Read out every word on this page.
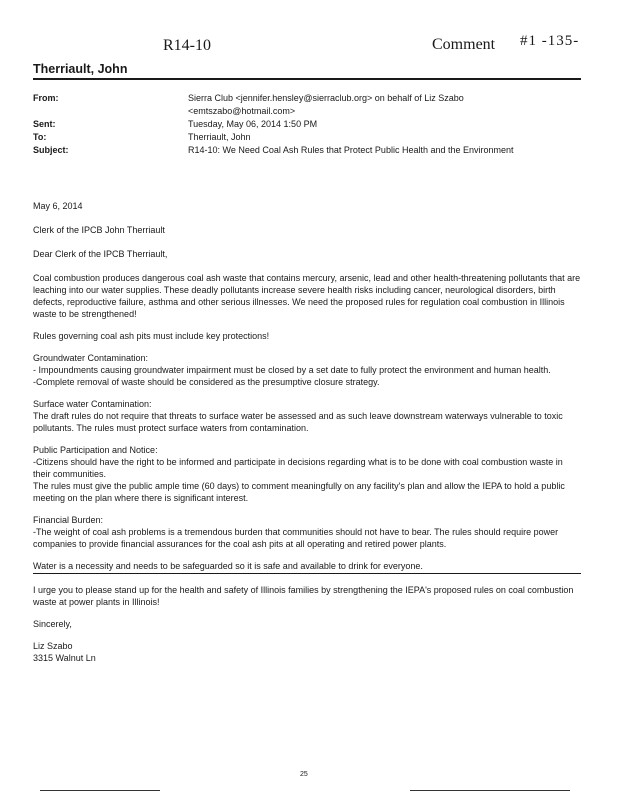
R14-10	Comment #1 -135-
Therriault, John
From:	Sierra Club <jennifer.hensley@sierraclub.org> on behalf of Liz Szabo
<emtszabo@hotmail.com>
Sent:	Tuesday, May 06, 2014 1:50 PM
To:	Therriault, John
Subject:	R14-10: We Need Coal Ash Rules that Protect Public Health and the Environment

May 6, 2014

Clerk of the IPCB John Therriault

Dear Clerk of the IPCB Therriault,

Coal combustion produces dangerous coal ash waste that contains mercury, arsenic, lead and other health-threatening pollutants that are leaching into our water supplies. These deadly pollutants increase severe health risks including cancer, neurological disorders, birth defects, reproductive failure, asthma and other serious illnesses. We need the proposed rules for regulation coal combustion in Illinois waste to be strengthened!

Rules governing coal ash pits must include key protections!

Groundwater Contamination:
- Impoundments causing groundwater impairment must be closed by a set date to fully protect the environment and human health.
-Complete removal of waste should be considered as the presumptive closure strategy.

Surface water Contamination:
The draft rules do not require that threats to surface water be assessed and as such leave downstream waterways vulnerable to toxic pollutants. The rules must protect surface waters from contamination.

Public Participation and Notice:
-Citizens should have the right to be informed and participate in decisions regarding what is to be done with coal combustion waste in their communities.
The rules must give the public ample time (60 days) to comment meaningfully on any facility's plan and allow the IEPA to hold a public meeting on the plan where there is significant interest.

Financial Burden:
-The weight of coal ash problems is a tremendous burden that communities should not have to bear. The rules should require power companies to provide financial assurances for the coal ash pits at all operating and retired power plants.

Water is a necessity and needs to be safeguarded so it is safe and available to drink for everyone.

I urge you to please stand up for the health and safety of Illinois families by strengthening the IEPA's proposed rules on coal combustion waste at power plants in Illinois!

Sincerely,

Liz Szabo

3315 Walnut Ln

25
